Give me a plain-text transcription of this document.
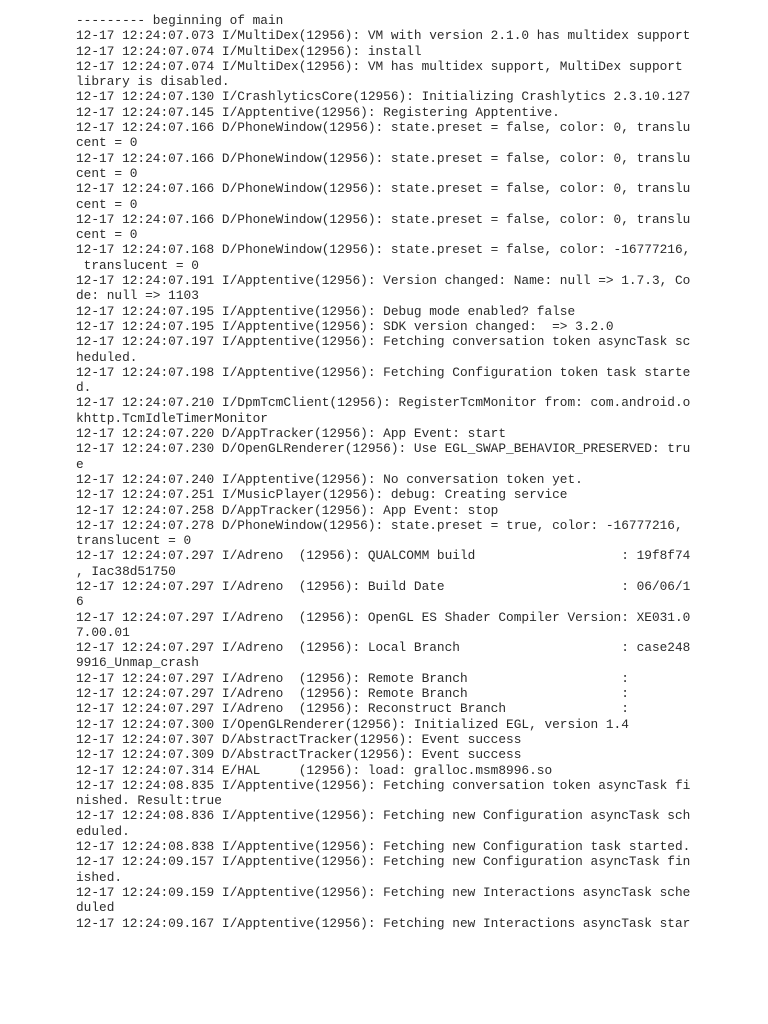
--------- beginning of main
12-17 12:24:07.073 I/MultiDex(12956): VM with version 2.1.0 has multidex support
12-17 12:24:07.074 I/MultiDex(12956): install
12-17 12:24:07.074 I/MultiDex(12956): VM has multidex support, MultiDex support
library is disabled.
12-17 12:24:07.130 I/CrashlyticsCore(12956): Initializing Crashlytics 2.3.10.127
12-17 12:24:07.145 I/Apptentive(12956): Registering Apptentive.
12-17 12:24:07.166 D/PhoneWindow(12956): state.preset = false, color: 0, translu
cent = 0
12-17 12:24:07.166 D/PhoneWindow(12956): state.preset = false, color: 0, translu
cent = 0
12-17 12:24:07.166 D/PhoneWindow(12956): state.preset = false, color: 0, translu
cent = 0
12-17 12:24:07.166 D/PhoneWindow(12956): state.preset = false, color: 0, translu
cent = 0
12-17 12:24:07.168 D/PhoneWindow(12956): state.preset = false, color: -16777216,
translucent = 0
12-17 12:24:07.191 I/Apptentive(12956): Version changed: Name: null => 1.7.3, Co
de: null => 1103
12-17 12:24:07.195 I/Apptentive(12956): Debug mode enabled? false
12-17 12:24:07.195 I/Apptentive(12956): SDK version changed:  => 3.2.0
12-17 12:24:07.197 I/Apptentive(12956): Fetching conversation token asyncTask sc
heduled.
12-17 12:24:07.198 I/Apptentive(12956): Fetching Configuration token task starte
d.
12-17 12:24:07.210 I/DpmTcmClient(12956): RegisterTcmMonitor from: com.android.o
khttp.TcmIdleTimerMonitor
12-17 12:24:07.220 D/AppTracker(12956): App Event: start
12-17 12:24:07.230 D/OpenGLRenderer(12956): Use EGL_SWAP_BEHAVIOR_PRESERVED: tru
e
12-17 12:24:07.240 I/Apptentive(12956): No conversation token yet.
12-17 12:24:07.251 I/MusicPlayer(12956): debug: Creating service
12-17 12:24:07.258 D/AppTracker(12956): App Event: stop
12-17 12:24:07.278 D/PhoneWindow(12956): state.preset = true, color: -16777216,
translucent = 0
12-17 12:24:07.297 I/Adreno  (12956): QUALCOMM build                   : 19f8f74
, Iac38d51750
12-17 12:24:07.297 I/Adreno  (12956): Build Date                       : 06/06/1
6
12-17 12:24:07.297 I/Adreno  (12956): OpenGL ES Shader Compiler Version: XE031.0
7.00.01
12-17 12:24:07.297 I/Adreno  (12956): Local Branch                     : case248
9916_Unmap_crash
12-17 12:24:07.297 I/Adreno  (12956): Remote Branch                    :
12-17 12:24:07.297 I/Adreno  (12956): Remote Branch                    :
12-17 12:24:07.297 I/Adreno  (12956): Reconstruct Branch               :
12-17 12:24:07.300 I/OpenGLRenderer(12956): Initialized EGL, version 1.4
12-17 12:24:07.307 D/AbstractTracker(12956): Event success
12-17 12:24:07.309 D/AbstractTracker(12956): Event success
12-17 12:24:07.314 E/HAL     (12956): load: gralloc.msm8996.so
12-17 12:24:08.835 I/Apptentive(12956): Fetching conversation token asyncTask fi
nished. Result:true
12-17 12:24:08.836 I/Apptentive(12956): Fetching new Configuration asyncTask sch
eduled.
12-17 12:24:08.838 I/Apptentive(12956): Fetching new Configuration task started.
12-17 12:24:09.157 I/Apptentive(12956): Fetching new Configuration asyncTask fin
ished.
12-17 12:24:09.159 I/Apptentive(12956): Fetching new Interactions asyncTask sche
duled
12-17 12:24:09.167 I/Apptentive(12956): Fetching new Interactions asyncTask star
